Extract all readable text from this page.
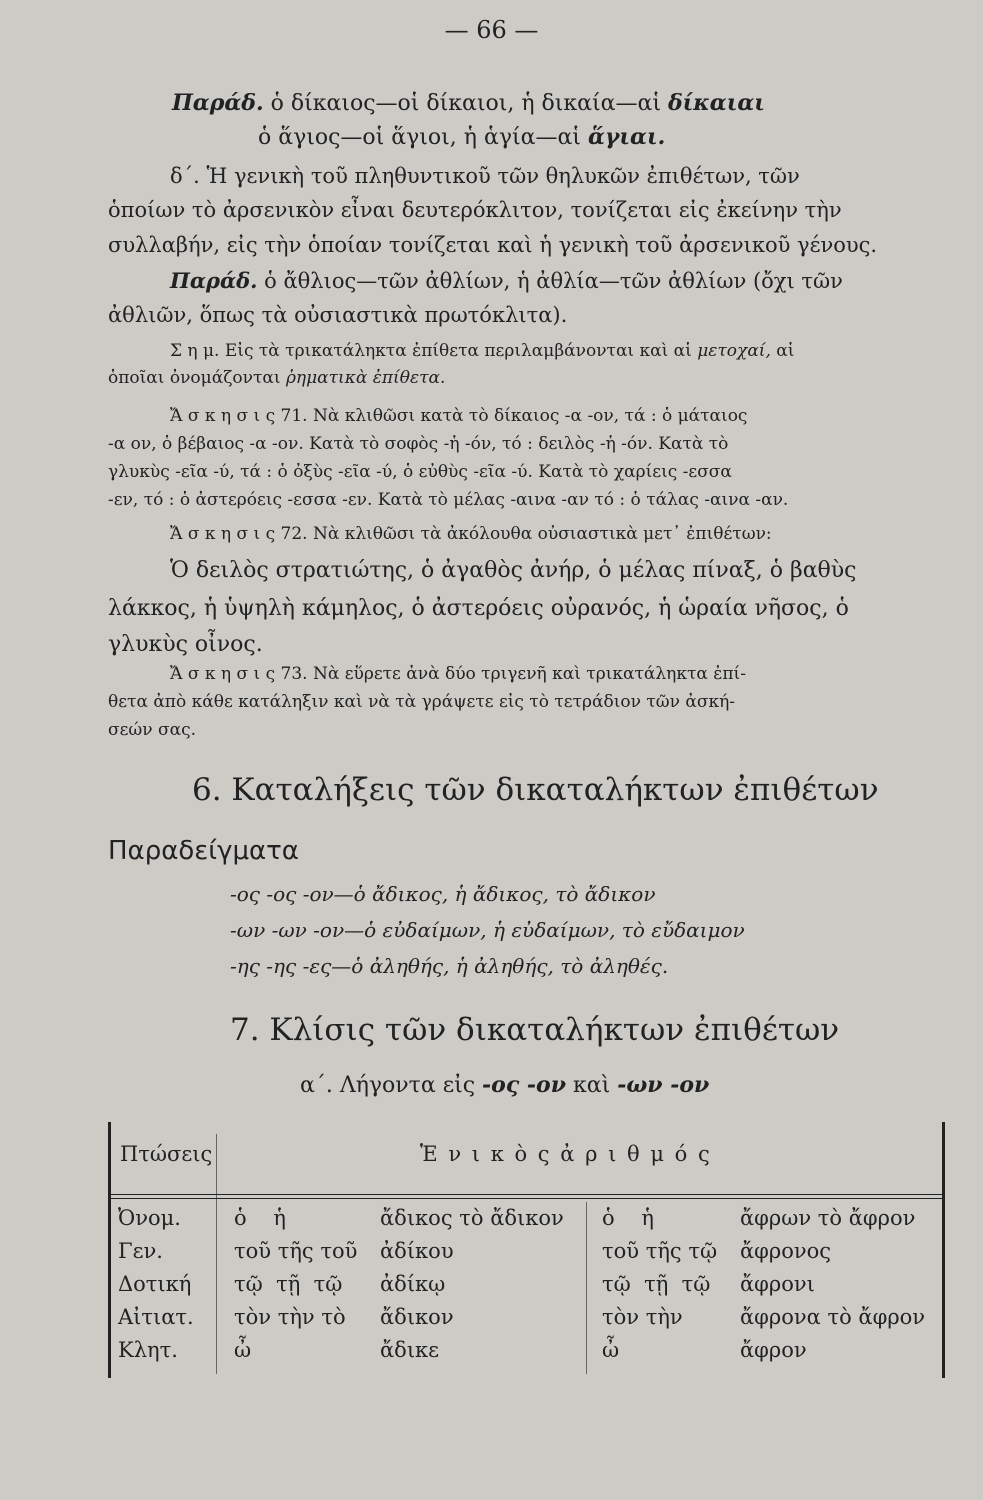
— 66 —
Παράδ. ὁ δίκαιος—οἱ δίκαιοι, ἡ δικαία—αἱ δίκαιαι
ὁ ἅγιος—οἱ ἅγιοι, ἡ ἁγία—αἱ ἅγιαι.
δ΄. Ἡ γενικὴ τοῦ πληθυντικοῦ τῶν θηλυκῶν ἐπιθέτων, τῶν
ὁποίων τὸ ἀρσενικὸν εἶναι δευτερόκλιτον, τονίζεται εἰς ἐκείνην τὴν
συλλαβήν, εἰς τὴν ὁποίαν τονίζεται καὶ ἡ γενικὴ τοῦ ἀρσενικοῦ γένους.
Παράδ. ὁ ἄθλιος—τῶν ἀθλίων, ἡ ἀθλία—τῶν ἀθλίων (ὄχι τῶν
ἀθλιῶν, ὅπως τὰ οὐσιαστικὰ πρωτόκλιτα).
Σ η μ. Εἰς τὰ τρικατάληκτα ἐπίθετα περιλαμβάνονται καὶ αἱ μετοχαί, αἱ
ὁποῖαι ὀνομάζονται ῥηματικὰ ἐπίθετα.
Ἄ σ κ η σ ι ς 71. Νὰ κλιθῶσι κατὰ τὸ δίκαιος -α -ον, τά : ὁ μάταιος
-α ον, ὁ βέβαιος -α -ον. Κατὰ τὸ σοφὸς -ἡ -όν, τό : δειλὸς -ἡ -όν. Κατὰ τὸ
γλυκὺς -εῖα -ύ, τά : ὁ ὀξὺς -εῖα -ύ, ὁ εὐθὺς -εῖα -ύ. Κατὰ τὸ χαρίεις -εσσα
-εν, τό : ὁ ἀστερόεις -εσσα -εν. Κατὰ τὸ μέλας -αινα -αν τό : ὁ τάλας -αινα -αν.
Ἄ σ κ η σ ι ς 72. Νὰ κλιθῶσι τὰ ἀκόλουθα οὐσιαστικὰ μετ᾽ ἐπιθέτων:
Ὁ δειλὸς στρατιώτης, ὁ ἀγαθὸς ἀνήρ, ὁ μέλας πίναξ, ὁ βαθὺς
λάκκος, ἡ ὑψηλὴ κάμηλος, ὁ ἀστερόεις οὐρανός, ἡ ὡραία νῆσος, ὁ
γλυκὺς οἶνος.
Ἄ σ κ η σ ι ς 73. Νὰ εὕρετε ἀνὰ δύο τριγενῆ καὶ τρικατάληκτα ἐπί-
θετα ἀπὸ κάθε κατάληξιν καὶ νὰ τὰ γράψετε εἰς τὸ τετράδιον τῶν ἀσκή-
σεών σας.
6. Καταλήξεις τῶν δικαταλήκτων ἐπιθέτων
Παραδείγματα
-ος -ος -ον—ὁ ἄδικος, ἡ ἄδικος, τὸ ἄδικον
-ων -ων -ον—ὁ εὐδαίμων, ἡ εὐδαίμων, τὸ εὔδαιμον
-ης -ης -ες—ὁ ἀληθής, ἡ ἀληθής, τὸ ἀληθές.
7. Κλίσις τῶν δικαταλήκτων ἐπιθέτων
α΄. Λήγοντα εἰς -ος -ον καὶ -ων -ον
Πτώσεις	Ἑ ν ι κ ὸ ς ἀ ρ ι θ μ ό ς
Ὀνομ.
Γεν.
Δοτική
Αἰτιατ.
Κλητ.
ὁ    ἡ
τοῦ τῆς τοῦ
τῷ  τῇ  τῷ
τὸν τὴν τὸ
ὦ
ἄδικος τὸ ἄδικον
ἀδίκου
ἀδίκῳ
ἄδικον
ἄδικε
ὁ    ἡ
τοῦ τῆς τῷ
τῷ  τῇ  τῷ
τὸν τὴν
ὦ
ἄφρων τὸ ἄφρον
ἄφρονος
ἄφρονι
ἄφρονα τὸ ἄφρον
ἄφρον
